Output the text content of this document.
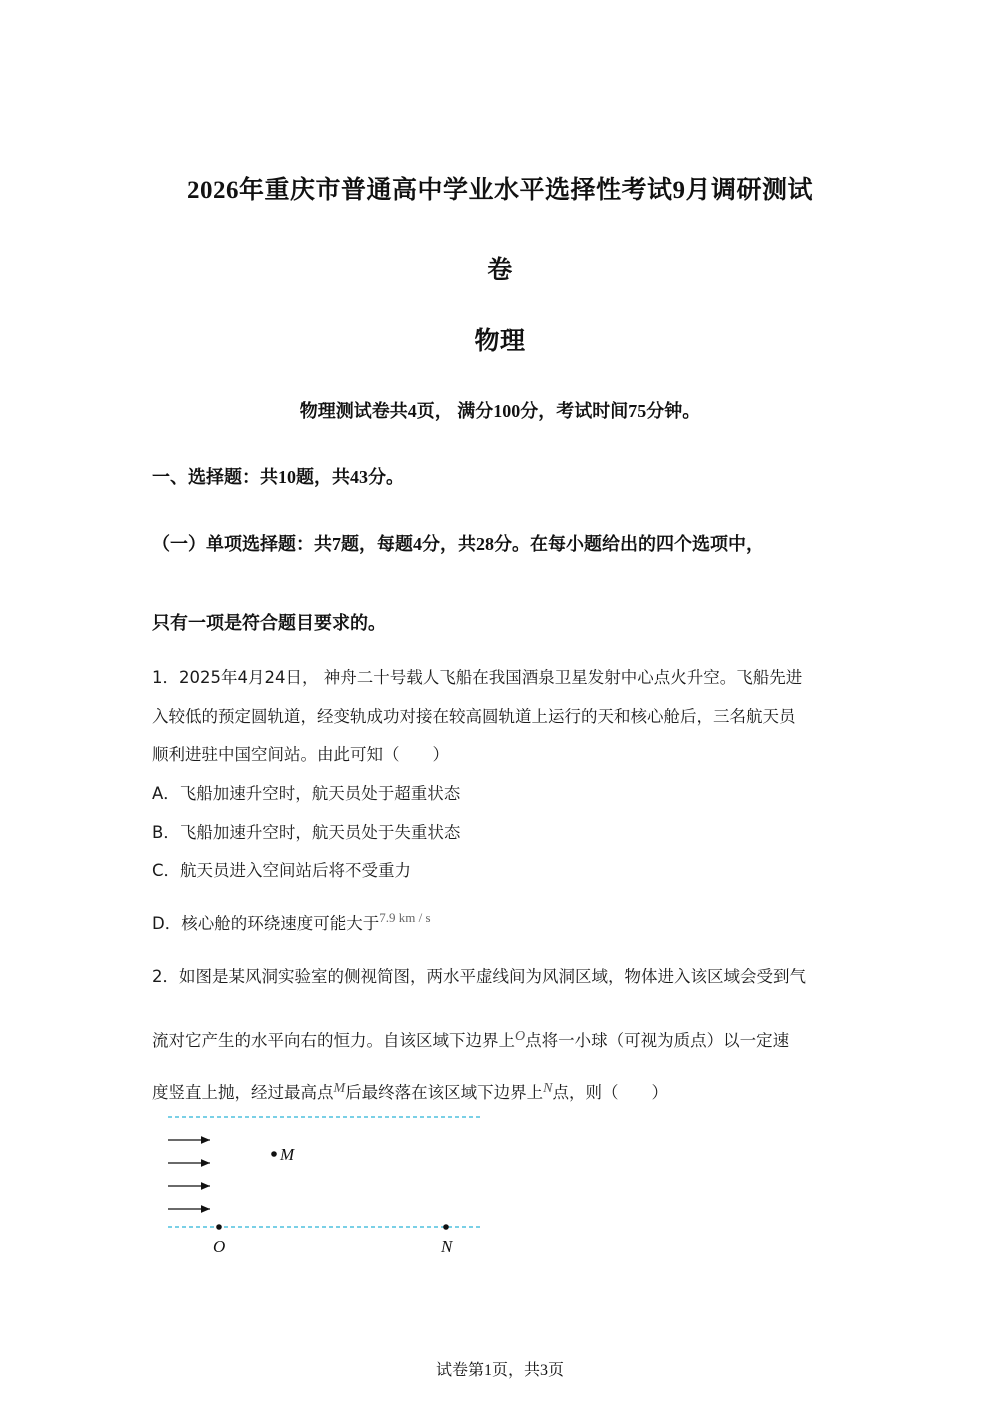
2026年重庆市普通高中学业水平选择性考试9月调研测试
卷
物理
物理测试卷共4页， 满分100分，考试时间75分钟。
一、选择题：共10题，共43分。
（一）单项选择题：共7题，每题4分，共28分。在每小题给出的四个选项中，
只有一项是符合题目要求的。
1．2025年4月24日， 神舟二十号载人飞船在我国酒泉卫星发射中心点火升空。飞船先进
入较低的预定圆轨道，经变轨成功对接在较高圆轨道上运行的天和核心舱后，三名航天员
顺利进驻中国空间站。由此可知（　　）
A．飞船加速升空时，航天员处于超重状态
B．飞船加速升空时，航天员处于失重状态
C．航天员进入空间站后将不受重力
D．核心舱的环绕速度可能大于$^{7.9 km / s}$
2．如图是某风洞实验室的侧视简图，两水平虚线间为风洞区域，物体进入该区域会受到气
流对它产生的水平向右的恒力。自该区域下边界上$^O$点将一小球（可视为质点）以一定速
度竖直上抛，经过最高点$^M$后最终落在该区域下边界上$^N$点，则（　　）
M
O	N
试卷第1页，共3页
